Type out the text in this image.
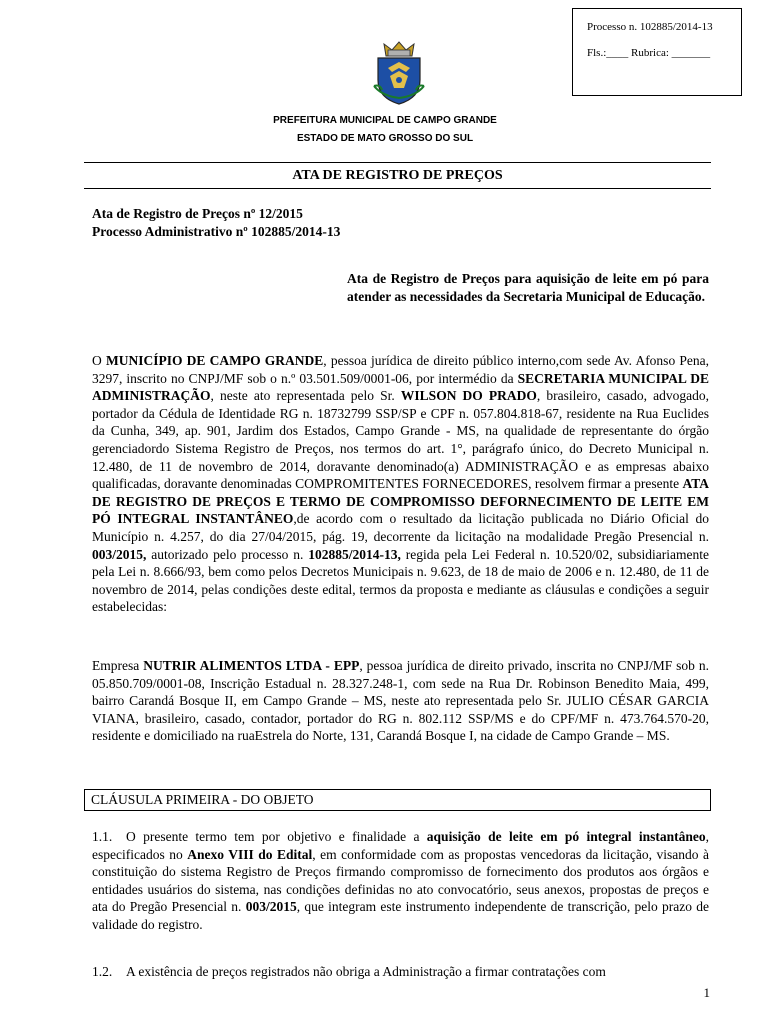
Processo n. 102885/2014-13
Fls.:____ Rubrica: _______
PREFEITURA MUNICIPAL DE CAMPO GRANDE
ESTADO DE MATO GROSSO DO SUL
ATA DE REGISTRO DE PREÇOS
Ata de Registro de Preços nº 12/2015
Processo Administrativo nº 102885/2014-13
Ata de Registro de Preços para aquisição de leite em pó para atender as necessidades da Secretaria Municipal de Educação.
O MUNICÍPIO DE CAMPO GRANDE, pessoa jurídica de direito público interno,com sede Av. Afonso Pena, 3297, inscrito no CNPJ/MF sob o n.º 03.501.509/0001-06, por intermédio da SECRETARIA MUNICIPAL DE ADMINISTRAÇÃO, neste ato representada pelo Sr. WILSON DO PRADO, brasileiro, casado, advogado, portador da Cédula de Identidade RG n. 18732799 SSP/SP e CPF n. 057.804.818-67, residente na Rua Euclides da Cunha, 349, ap. 901, Jardim dos Estados, Campo Grande - MS, na qualidade de representante do órgão gerenciadordo Sistema Registro de Preços, nos termos do art. 1°, parágrafo único, do Decreto Municipal n. 12.480, de 11 de novembro de 2014, doravante denominado(a) ADMINISTRAÇÃO e as empresas abaixo qualificadas, doravante denominadas COMPROMITENTES FORNECEDORES, resolvem firmar a presente ATA DE REGISTRO DE PREÇOS E TERMO DE COMPROMISSO DEFORNECIMENTO DE LEITE EM PÓ INTEGRAL INSTANTÂNEO,de acordo com o resultado da licitação publicada no Diário Oficial do Município n. 4.257, do dia 27/04/2015, pág. 19, decorrente da licitação na modalidade Pregão Presencial n. 003/2015, autorizado pelo processo n. 102885/2014-13, regida pela Lei Federal n. 10.520/02, subsidiariamente pela Lei n. 8.666/93, bem como pelos Decretos Municipais n. 9.623, de 18 de maio de 2006 e n. 12.480, de 11 de novembro de 2014, pelas condições deste edital, termos da proposta e mediante as cláusulas e condições a seguir estabelecidas:
Empresa NUTRIR ALIMENTOS LTDA - EPP, pessoa jurídica de direito privado, inscrita no CNPJ/MF sob n. 05.850.709/0001-08, Inscrição Estadual n. 28.327.248-1, com sede na Rua Dr. Robinson Benedito Maia, 499, bairro Carandá Bosque II, em Campo Grande – MS, neste ato representada pelo Sr. JULIO CÉSAR GARCIA VIANA, brasileiro, casado, contador, portador do RG n. 802.112 SSP/MS e do CPF/MF n. 473.764.570-20, residente e domiciliado na ruaEstrela do Norte, 131, Carandá Bosque I, na cidade de Campo Grande – MS.
CLÁUSULA PRIMEIRA - DO OBJETO
1.1. O presente termo tem por objetivo e finalidade a aquisição de leite em pó integral instantâneo, especificados no Anexo VIII do Edital, em conformidade com as propostas vencedoras da licitação, visando à constituição do sistema Registro de Preços firmando compromisso de fornecimento dos produtos aos órgãos e entidades usuários do sistema, nas condições definidas no ato convocatório, seus anexos, propostas de preços e ata do Pregão Presencial n. 003/2015, que integram este instrumento independente de transcrição, pelo prazo de validade do registro.
1.2. A existência de preços registrados não obriga a Administração a firmar contratações com
1
